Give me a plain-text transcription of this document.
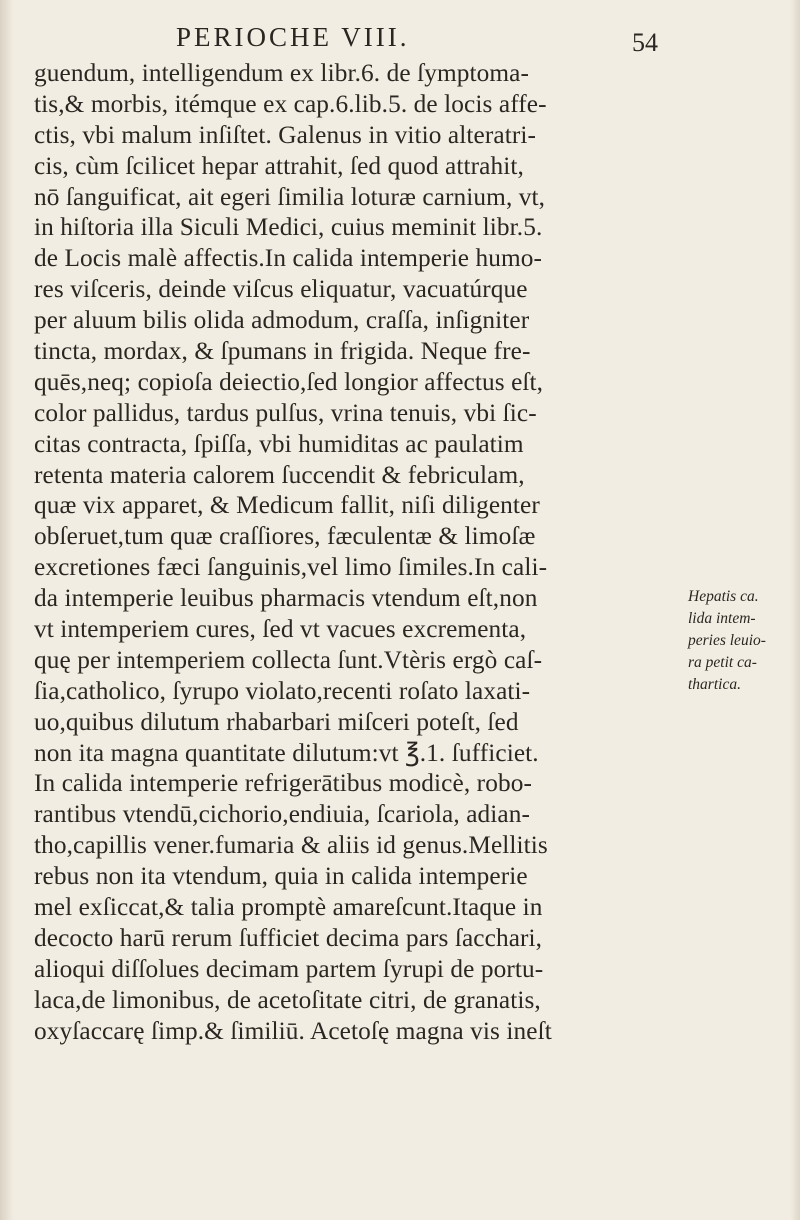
PERIOCHE VIII.	54
guendum, intelligendum ex libr.6. de ſymptoma-
tis,& morbis, itémque ex cap.6.lib.5. de locis affe-
ctis, vbi malum inſiſtet. Galenus in vitio alteratri-
cis, cùm ſcilicet hepar attrahit, ſed quod attrahit,
nō ſanguificat, ait egeri ſimilia loturæ carnium, vt,
in hiſtoria illa Siculi Medici, cuius meminit libr.5.
de Locis malè affectis.In calida intemperie humo-
res viſceris, deinde viſcus eliquatur, vacuatúrque
per aluum bilis olida admodum, craſſa, inſigniter
tincta, mordax, & ſpumans in frigida. Neque fre-
quēs,neq; copioſa deiectio,ſed longior affectus eſt,
color pallidus, tardus pulſus, vrina tenuis, vbi ſic-
citas contracta, ſpiſſa, vbi humiditas ac paulatim
retenta materia calorem ſuccendit & febriculam,
quæ vix apparet, & Medicum fallit, niſi diligenter
obſeruet,tum quæ craſſiores, fæculentæ & limoſæ
excretiones fæci ſanguinis,vel limo ſimiles.In cali-
da intemperie leuibus pharmacis vtendum eſt,non
vt intemperiem cures, ſed vt vacues excrementa,
quę per intemperiem collecta ſunt.Vtèris ergò caſ-
ſia,catholico, ſyrupo violato,recenti roſato laxati-
uo,quibus dilutum rhabarbari miſceri poteſt, ſed
non ita magna quantitate dilutum:vt ℥.1. ſufficiet.
In calida intemperie refrigerātibus modicè, robo-
rantibus vtendū,cichorio,endiuia, ſcariola, adian-
tho,capillis vener.fumaria & aliis id genus.Mellitis
rebus non ita vtendum, quia in calida intemperie
mel exſiccat,& talia promptè amareſcunt.Itaque in
decocto harū rerum ſufficiet decima pars ſacchari,
alioqui diſſolues decimam partem ſyrupi de portu-
laca,de limonibus, de acetoſitate citri, de granatis,
oxyſaccarę ſimp.& ſimiliū. Acetoſę magna vis ineſt
Hepatis ca.
lida intem-
peries leuio-
ra petit ca-
thartica.
